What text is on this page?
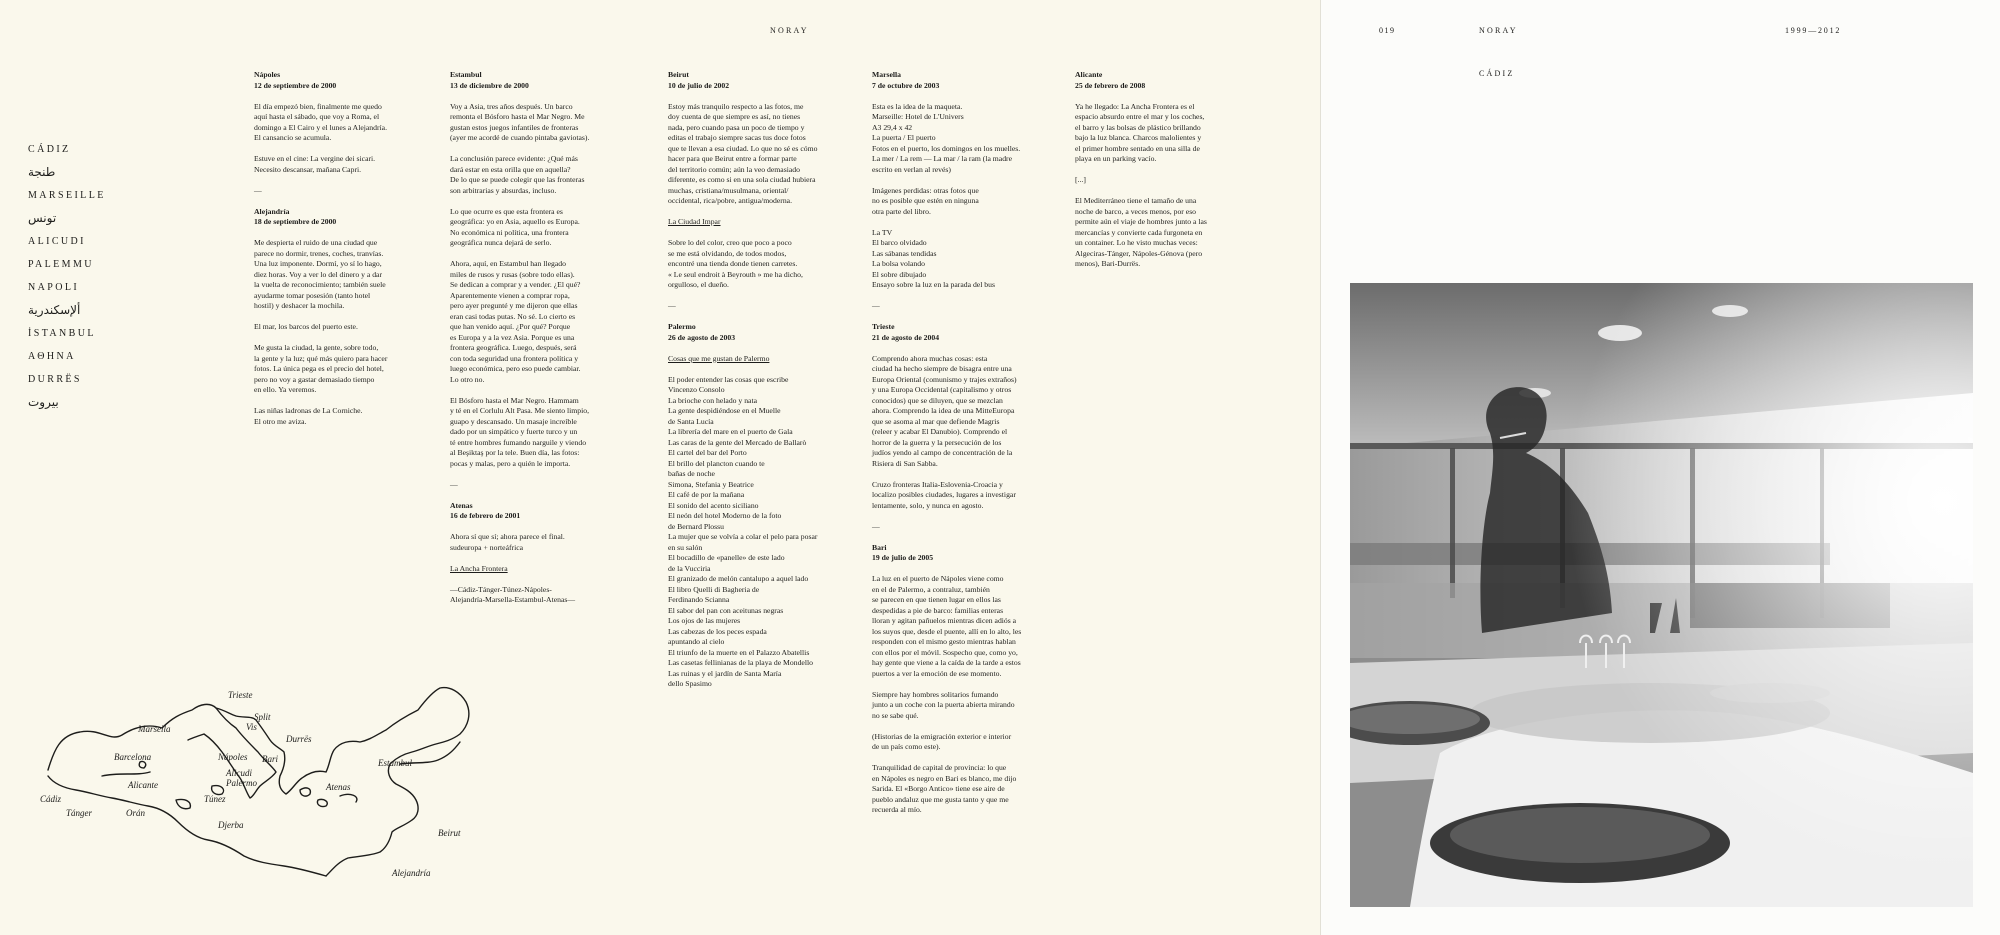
NORAY
CÁDIZ
طنجة
MARSEILLE
تونس
ALICUDI
PALEMMU
NAPOLI
ألإسكندرية
İSTANBUL
ΑΘΗΝΑ
DURRËS
بيروت

Nápoles
12 de septiembre de 2000

El día empezó bien, finalmente me quedo
aquí hasta el sábado, que voy a Roma, el
domingo a El Cairo y el lunes a Alejandría.
El cansancio se acumula.

Estuve en el cine: La vergine dei sicari.
Necesito descansar, mañana Capri.

—

Alejandría
18 de septiembre de 2000

Me despierta el ruido de una ciudad que
parece no dormir, trenes, coches, tranvías.
Una luz imponente. Dormí, yo sí lo hago,
diez horas. Voy a ver lo del dinero y a dar
la vuelta de reconocimiento; también suele
ayudarme tomar posesión (tanto hotel
hostil) y deshacer la mochila.

El mar, los barcos del puerto este.

Me gusta la ciudad, la gente, sobre todo,
la gente y la luz; qué más quiero para hacer
fotos. La única pega es el precio del hotel,
pero no voy a gastar demasiado tiempo
en ello. Ya veremos.

Las niñas ladronas de La Corniche.
El otro me aviza.

Estambul
13 de diciembre de 2000

Voy a Asia, tres años después. Un barco
remonta el Bósforo hasta el Mar Negro. Me
gustan estos juegos infantiles de fronteras
(ayer me acordé de cuando pintaba gaviotas).

La conclusión parece evidente: ¿Qué más
dará estar en esta orilla que en aquella?
De lo que se puede colegir que las fronteras
son arbitrarias y absurdas, incluso.

Lo que ocurre es que esta frontera es
geográfica: yo en Asia, aquello es Europa.
No económica ni política, una frontera
geográfica nunca dejará de serlo.

Ahora, aquí, en Estambul han llegado
miles de rusos y rusas (sobre todo ellas).
Se dedican a comprar y a vender. ¿El qué?
Aparentemente vienen a comprar ropa,
pero ayer pregunté y me dijeron que ellas
eran casi todas putas. No sé. Lo cierto es
que han venido aquí. ¿Por qué? Porque
es Europa y a la vez Asia. Porque es una
frontera geográfica. Luego, después, será
con toda seguridad una frontera política y
luego económica, pero eso puede cambiar.
Lo otro no.

El Bósforo hasta el Mar Negro. Hammam
y té en el Corlulu Alt Pasa. Me siento limpio,
guapo y descansado. Un masaje increíble
dado por un simpático y fuerte turco y un
té entre hombres fumando narguile y viendo
al Beşiktaş por la tele. Buen día, las fotos:
pocas y malas, pero a quién le importa.

—

Atenas
16 de febrero de 2001

Ahora sí que sí; ahora parece el final.
sudeuropa + norteáfrica

La Ancha Frontera

—Cádiz-Tánger-Túnez-Nápoles-
Alejandría-Marsella-Estambul-Atenas—

Beirut
10 de julio de 2002

Estoy más tranquilo respecto a las fotos, me
doy cuenta de que siempre es así, no tienes
nada, pero cuando pasa un poco de tiempo y
editas el trabajo siempre sacas tus doce fotos
que te llevan a esa ciudad. Lo que no sé es cómo
hacer para que Beirut entre a formar parte
del territorio común; aún la veo demasiado
diferente, es como si en una sola ciudad hubiera
muchas, cristiana/musulmana, oriental/
occidental, rica/pobre, antigua/moderna.

La Ciudad Impar

Sobre lo del color, creo que poco a poco
se me está olvidando, de todos modos,
encontré una tienda donde tienen carretes.
« Le seul endroit à Beyrouth » me ha dicho,
orgulloso, el dueño.

—

Palermo
26 de agosto de 2003

Cosas que me gustan de Palermo

El poder entender las cosas que escribe
Vincenzo Consolo
La brioche con helado y nata
La gente despidiéndose en el Muelle
de Santa Lucía
La librería del mare en el puerto de Gala
Las caras de la gente del Mercado de Ballarò
El cartel del bar del Porto
El brillo del plancton cuando te
bañas de noche
Simona, Stefania y Beatrice
El café de por la mañana
El sonido del acento siciliano
El neón del hotel Moderno de la foto
de Bernard Plossu
La mujer que se volvía a colar el pelo para posar
en su salón
El bocadillo de «panelle» de este lado
de la Vucciria
El granizado de melón cantalupo a aquel lado
El libro Quelli di Bagheria de
Ferdinando Scianna
El sabor del pan con aceitunas negras
Los ojos de las mujeres
Las cabezas de los peces espada
apuntando al cielo
El triunfo de la muerte en el Palazzo Abatellis
Las casetas fellinianas de la playa de Mondello
Las ruinas y el jardín de Santa María
dello Spasimo

Marsella
7 de octubre de 2003

Esta es la idea de la maqueta.
Marseille: Hotel de L'Univers
A3 29,4 x 42
La puerta / El puerto
Fotos en el puerto, los domingos en los muelles.
La mer / La rem — La mar / la ram (la madre
escrito en verlan al revés)

Imágenes perdidas: otras fotos que
no es posible que estén en ninguna
otra parte del libro.

La TV
El barco olvidado
Las sábanas tendidas
La bolsa volando
El sobre dibujado
Ensayo sobre la luz en la parada del bus

—

Trieste
21 de agosto de 2004

Comprendo ahora muchas cosas: esta
ciudad ha hecho siempre de bisagra entre una
Europa Oriental (comunismo y trajes extraños)
y una Europa Occidental (capitalismo y otros
conocidos) que se diluyen, que se mezclan
ahora. Comprendo la idea de una MitteEuropa
que se asoma al mar que defiende Magris
(releer y acabar El Danubio). Comprendo el
horror de la guerra y la persecución de los
judíos yendo al campo de concentración de la
Risiera di San Sabba.

Cruzo fronteras Italia-Eslovenia-Croacia y
localizo posibles ciudades, lugares a investigar
lentamente, solo, y nunca en agosto.

—

Bari
19 de julio de 2005

La luz en el puerto de Nápoles viene como
en el de Palermo, a contraluz, también
se parecen en que tienen lugar en ellos las
despedidas a pie de barco: familias enteras
lloran y agitan pañuelos mientras dicen adiós a
los suyos que, desde el puente, allí en lo alto, les
responden con el mismo gesto mientras hablan
con ellos por el móvil. Sospecho que, como yo,
hay gente que viene a la caída de la tarde a estos
puertos a ver la emoción de ese momento.

Siempre hay hombres solitarios fumando
junto a un coche con la puerta abierta mirando
no se sabe qué.

(Historias de la emigración exterior e interior
de un país como este).

Tranquilidad de capital de provincia: lo que
en Nápoles es negro en Bari es blanco, me dijo
Sarida. El «Borgo Antico» tiene ese aire de
pueblo andaluz que me gusta tanto y que me
recuerda al mío.

Alicante
25 de febrero de 2008

Ya he llegado: La Ancha Frontera es el
espacio absurdo entre el mar y los coches,
el barro y las bolsas de plástico brillando
bajo la luz blanca. Charcos malolientes y
el primer hombre sentado en una silla de
playa en un parking vacío.

[...]

El Mediterráneo tiene el tamaño de una
noche de barco, a veces menos, por eso
permite aún el viaje de hombres junto a las
mercancías y convierte cada furgoneta en
un container. Lo he visto muchas veces:
Algeciras-Tánger, Nápoles-Génova (pero
menos), Bari-Durrës.

Marsella
Trieste
Split
Vis
Durrës
Barcelona	Nápoles Bari
Alicudi
Palermo
Alicante
Orán
Túnez
Djerba
Atenas
Estambul
Cádiz
Tánger
Beirut
Alejandría
019	NORAY	1999—2012
CÁDIZ
